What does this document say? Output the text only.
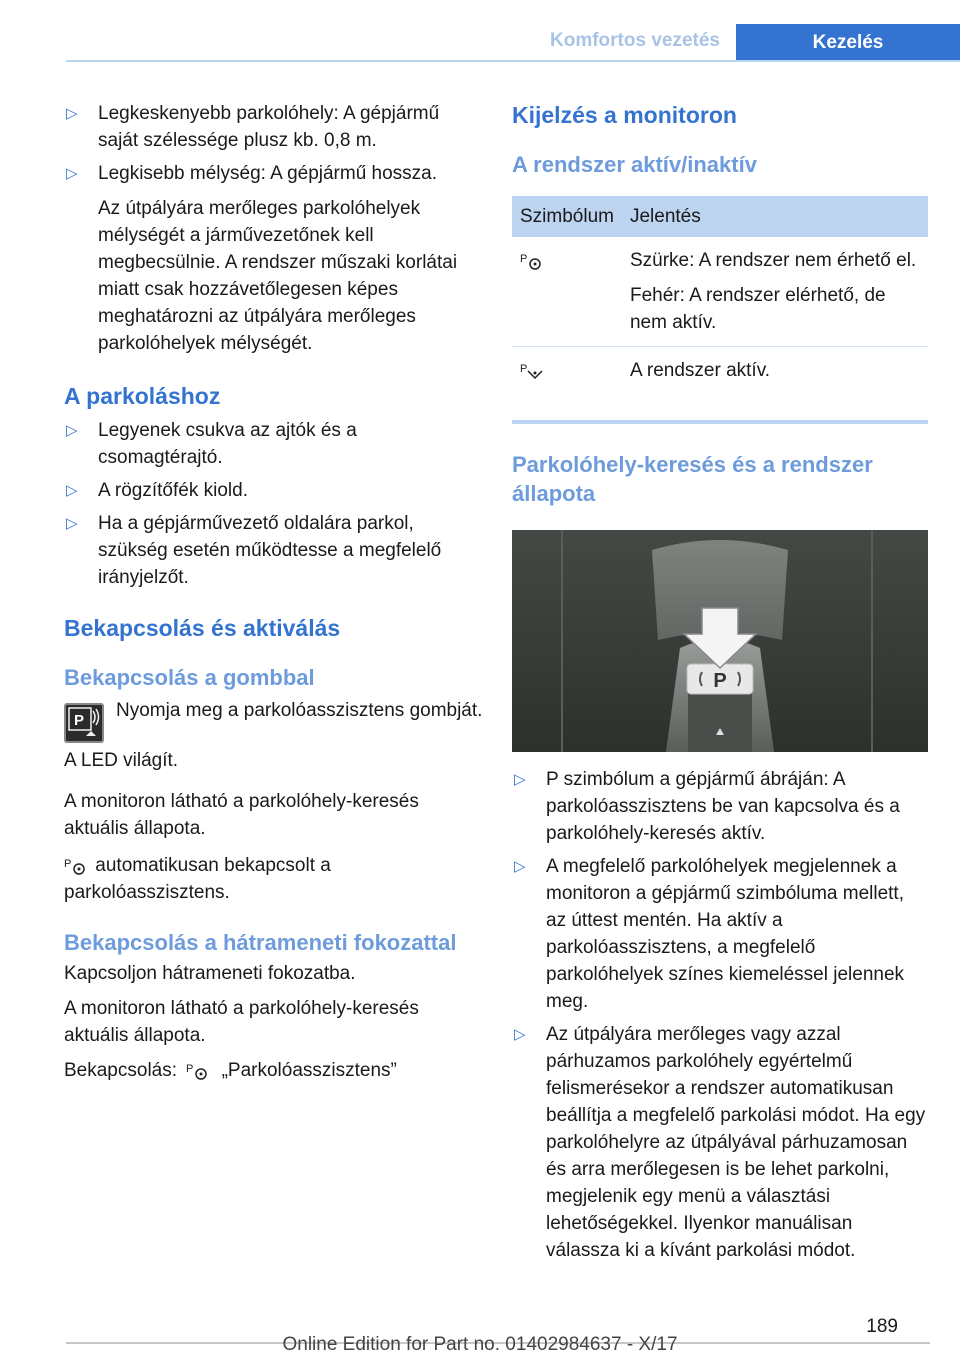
Komfortos vezetés	Kezelés
▷ Legkeskenyebb parkolóhely: A gépjármű saját szélessége plusz kb. 0,8 m.
▷ Legkisebb mélység: A gépjármű hossza.
Az útpályára merőleges parkolóhelyek mélységét a járművezetőnek kell megbecsülnie. A rendszer műszaki korlátai miatt csak hozzávetőlegesen képes meghatározni az útpályára merőleges parkolóhelyek mélységét.
A parkoláshoz
▷ Legyenek csukva az ajtók és a csomagtérajtó.
▷ A rögzítőfék kiold.
▷ Ha a gépjárművezető oldalára parkol, szükség esetén működtesse a megfelelő irányjelzőt.
Bekapcsolás és aktiválás
Bekapcsolás a gombbal
P Nyomja meg a parkolóasszisztens gombját.
A LED világít.
A monitoron látható a parkolóhely-keresés aktuális állapota.
P automatikusan bekapcsolt a parkolóasszisztens.
Bekapcsolás a hátrameneti fokozattal
Kapcsoljon hátrameneti fokozatba.
A monitoron látható a parkolóhely-keresés aktuális állapota.
Bekapcsolás: P „Parkolóasszisztens”
Kijelzés a monitoron
A rendszer aktív/inaktív
Szimbólum	Jelentés

P	Szürke: A rendszer nem érhető el.
Fehér: A rendszer elérhető, de nem aktív.

P	A rendszer aktív.
Parkolóhely-keresés és a rendszer állapota
P
▷ P szimbólum a gépjármű ábráján: A parkolóasszisztens be van kapcsolva és a parkolóhely-keresés aktív.
▷ A megfelelő parkolóhelyek megjelennek a monitoron a gépjármű szimbóluma mellett, az úttest mentén. Ha aktív a parkolóasszisztens, a megfelelő parkolóhelyek színes kiemeléssel jelennek meg.
▷ Az útpályára merőleges vagy azzal párhuzamos parkolóhely egyértelmű felismerésekor a rendszer automatikusan beállítja a megfelelő parkolási módot. Ha egy parkolóhelyre az útpályával párhuzamosan és arra merőlegesen is be lehet parkolni, megjelenik egy menü a választási lehetőségekkel. Ilyenkor manuálisan válassza ki a kívánt parkolási módot.
189
Online Edition for Part no. 01402984637 - X/17
